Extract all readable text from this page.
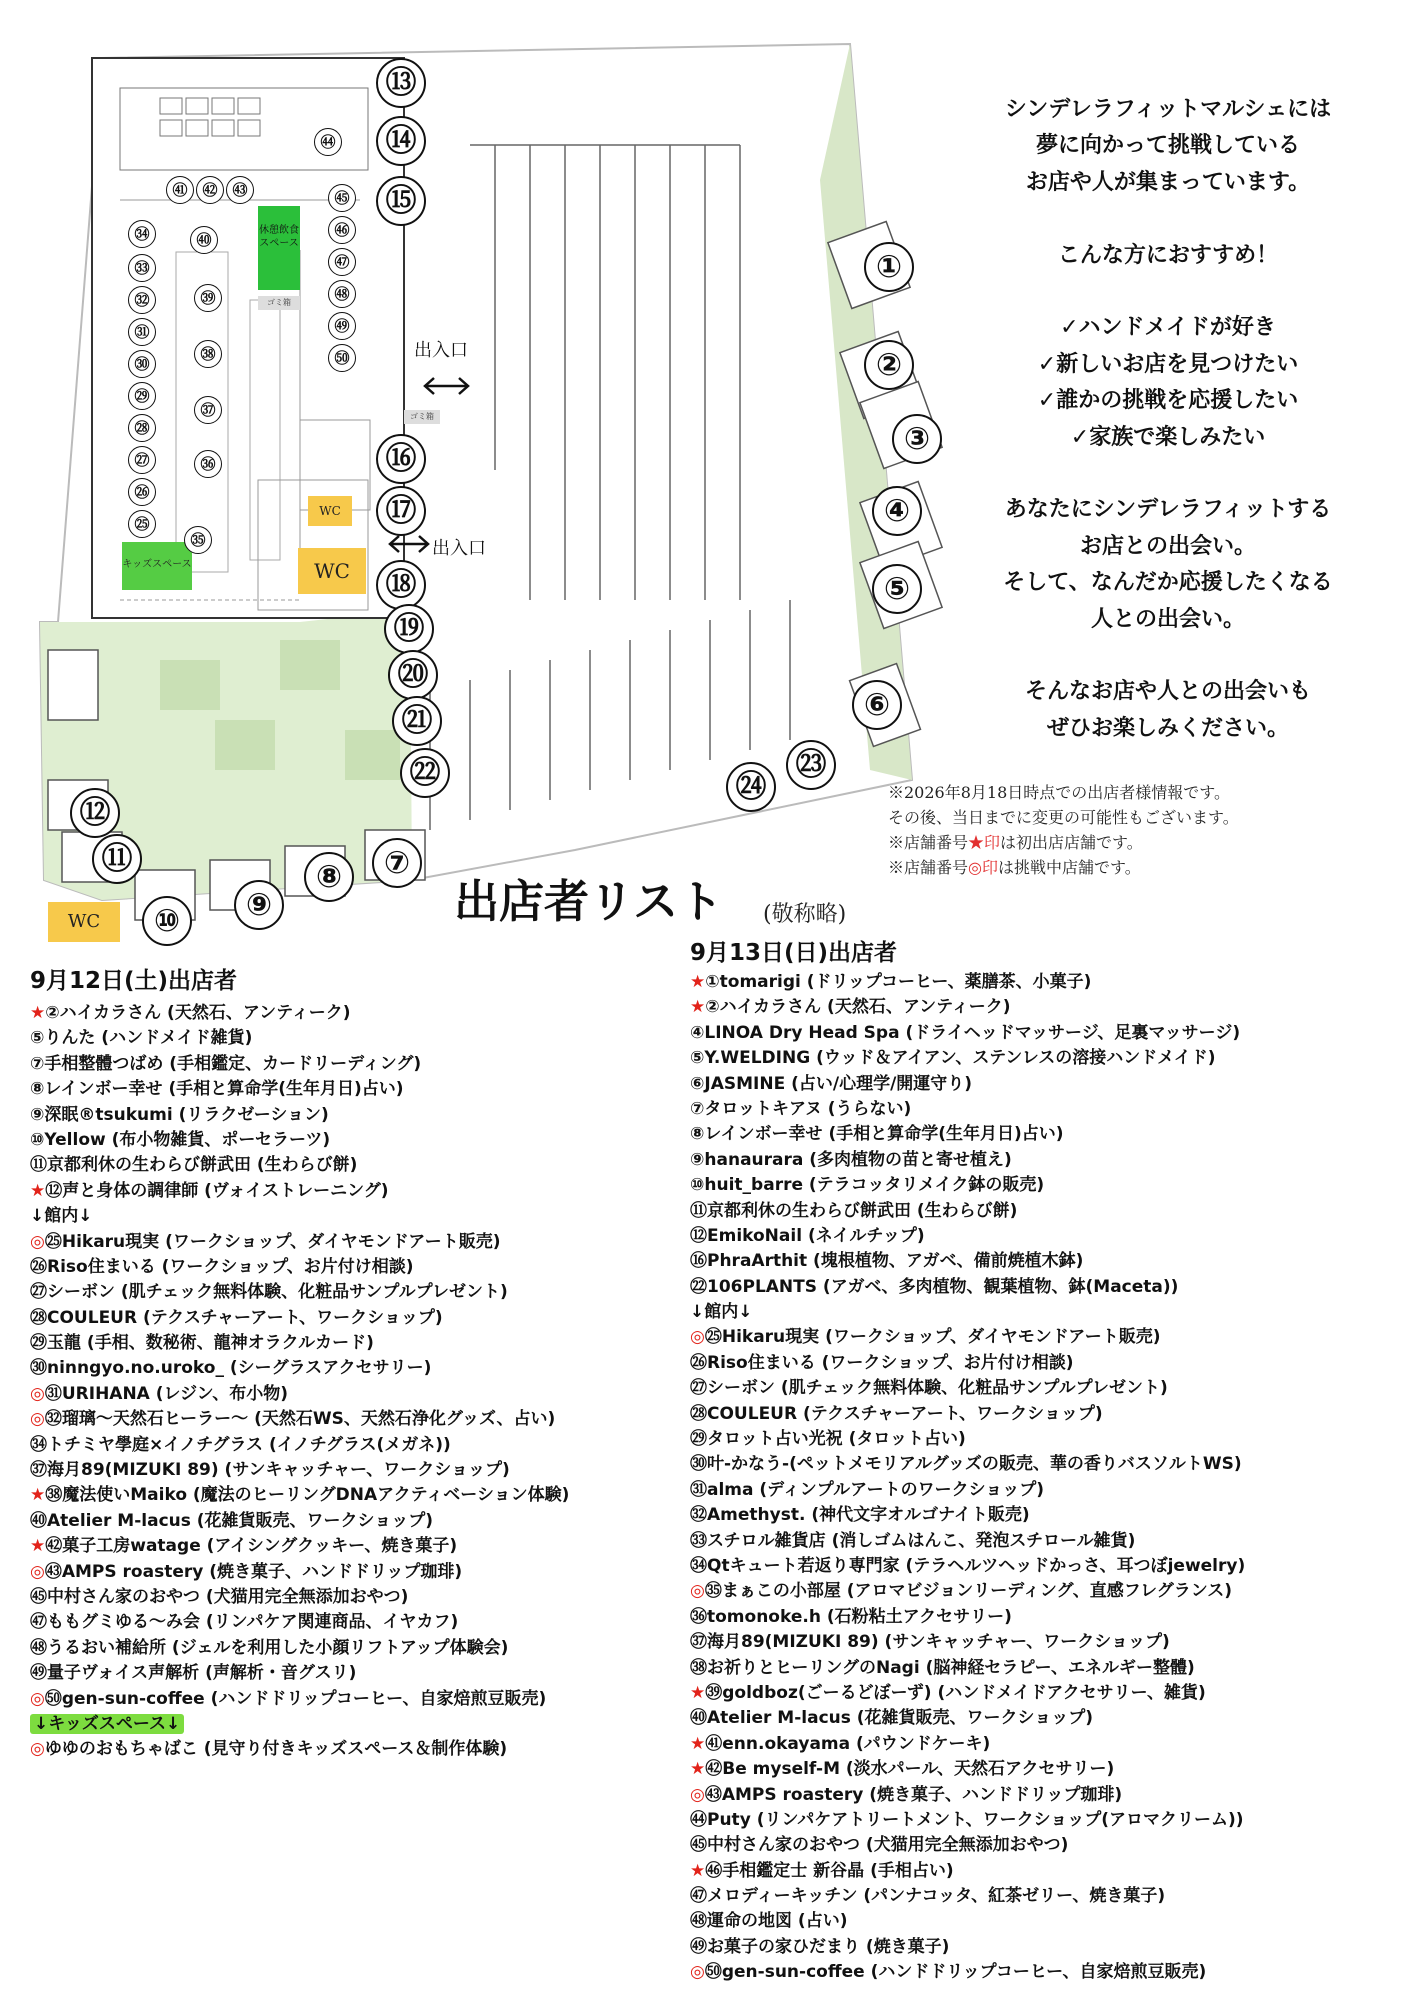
出入口
出入口
WC
WC
WC
キッズスペース
休憩飲食スペース
ゴミ箱
ゴミ箱
①
②
③
④
⑤
⑥
⑦
⑧
⑨
⑩
⑪
⑫
⑬
⑭
⑮
⑯
⑰
⑱
⑲
⑳
㉑
㉒	㉓
㉔
㉕
㉖
㉗
㉘
㉙
㉚
㉛
㉜
㉝
㉞
㉟
㊱
㊲
㊳
㊴
㊵
㊶ ㊷ ㊸
㊹
㊺
㊻
㊼
㊽
㊾
㊿
シンデレラフィットマルシェには
夢に向かって挑戦している
お店や人が集まっています。
こんな方におすすめ！
✓ハンドメイドが好き
✓新しいお店を見つけたい
✓誰かの挑戦を応援したい
✓家族で楽しみたい
あなたにシンデレラフィットする
お店との出会い。
そして、なんだか応援したくなる
人との出会い。
そんなお店や人との出会いも
ぜひお楽しみください。
※2026年8月18日時点での出店者様情報です。
その後、当日までに変更の可能性もございます。
※店舗番号★印は初出店店舗です。
※店舗番号◎印は挑戦中店舗です。
出店者リスト (敬称略)
9月12日(土)出店者
★②ハイカラさん (天然石、アンティーク)
⑤りんた (ハンドメイド雑貨)
⑦手相整體つばめ (手相鑑定、カードリーディング)
⑧レインボー幸せ (手相と算命学(生年月日)占い)
⑨深眠®tsukumi (リラクゼーション)
⑩Yellow (布小物雑貨、ポーセラーツ)
⑪京都利休の生わらび餅武田 (生わらび餅)
★⑫声と身体の調律師 (ヴォイストレーニング)
↓館内↓
◎㉕Hikaru現実 (ワークショップ、ダイヤモンドアート販売)
㉖Riso住まいる (ワークショップ、お片付け相談)
㉗シーボン (肌チェック無料体験、化粧品サンプルプレゼント)
㉘COULEUR (テクスチャーアート、ワークショップ)
㉙玉龍 (手相、数秘術、龍神オラクルカード)
㉚ninngyo.no.uroko_ (シーグラスアクセサリー)
◎㉛URIHANA (レジン、布小物)
◎㉜瑠璃〜天然石ヒーラー〜 (天然石WS、天然石浄化グッズ、占い)
㉞トチミヤ學庭×イノチグラス (イノチグラス(メガネ))
㊲海月89(MIZUKI 89) (サンキャッチャー、ワークショップ)
★㊳魔法使いMaiko (魔法のヒーリングDNAアクティベーション体験)
㊵Atelier M-lacus (花雑貨販売、ワークショップ)
★㊷菓子工房watage (アイシングクッキー、焼き菓子)
◎㊸AMPS roastery (焼き菓子、ハンドドリップ珈琲)
㊺中村さん家のおやつ (犬猫用完全無添加おやつ)
㊼ももグミゆる〜み会 (リンパケア関連商品、イヤカフ)
㊽うるおい補給所 (ジェルを利用した小顔リフトアップ体験会)
㊾量子ヴォイス声解析 (声解析・音グスリ)
◎㊿gen-sun-coffee (ハンドドリップコーヒー、自家焙煎豆販売)
↓キッズスペース↓
◎ゆゆのおもちゃばこ (見守り付きキッズスペース＆制作体験)
9月13日(日)出店者
★①tomarigi (ドリップコーヒー、薬膳茶、小菓子)
★②ハイカラさん (天然石、アンティーク)
④LINOA Dry Head Spa (ドライヘッドマッサージ、足裏マッサージ)
⑤Y.WELDING (ウッド＆アイアン、ステンレスの溶接ハンドメイド)
⑥JASMINE (占い/心理学/開運守り)
⑦タロットキアヌ (うらない)
⑧レインボー幸せ (手相と算命学(生年月日)占い)
⑨hanaurara (多肉植物の苗と寄せ植え)
⑩huit_barre (テラコッタリメイク鉢の販売)
⑪京都利休の生わらび餅武田 (生わらび餅)
⑫EmikoNail (ネイルチップ)
⑯PhraArthit (塊根植物、アガベ、備前焼植木鉢)
㉒106PLANTS (アガベ、多肉植物、観葉植物、鉢(Maceta))
↓館内↓
◎㉕Hikaru現実 (ワークショップ、ダイヤモンドアート販売)
㉖Riso住まいる (ワークショップ、お片付け相談)
㉗シーボン (肌チェック無料体験、化粧品サンプルプレゼント)
㉘COULEUR (テクスチャーアート、ワークショップ)
㉙タロット占い光祝 (タロット占い)
㉚叶-かなう-(ペットメモリアルグッズの販売、華の香りバスソルトWS)
㉛alma (ディンプルアートのワークショップ)
㉜Amethyst. (神代文字オルゴナイト販売)
㉝スチロル雑貨店 (消しゴムはんこ、発泡スチロール雑貨)
㉞Qtキュート若返り専門家 (テラヘルツヘッドかっさ、耳つぼjewelry)
◎㉟まぁこの小部屋 (アロマビジョンリーディング、直感フレグランス)
㊱tomonoke.h (石粉粘土アクセサリー)
㊲海月89(MIZUKI 89) (サンキャッチャー、ワークショップ)
㊳お祈りとヒーリングのNagi (脳神経セラピー、エネルギー整體)
★㊴goldboz(ごーるどぼーず) (ハンドメイドアクセサリー、雑貨)
㊵Atelier M-lacus (花雑貨販売、ワークショップ)
★㊶enn.okayama (パウンドケーキ)
★㊷Be myself-M (淡水パール、天然石アクセサリー)
◎㊸AMPS roastery (焼き菓子、ハンドドリップ珈琲)
㊹Puty (リンパケアトリートメント、ワークショップ(アロマクリーム))
㊺中村さん家のおやつ (犬猫用完全無添加おやつ)
★㊻手相鑑定士 新谷晶 (手相占い)
㊼メロディーキッチン (パンナコッタ、紅茶ゼリー、焼き菓子)
㊽運命の地図 (占い)
㊾お菓子の家ひだまり (焼き菓子)
◎㊿gen-sun-coffee (ハンドドリップコーヒー、自家焙煎豆販売)
